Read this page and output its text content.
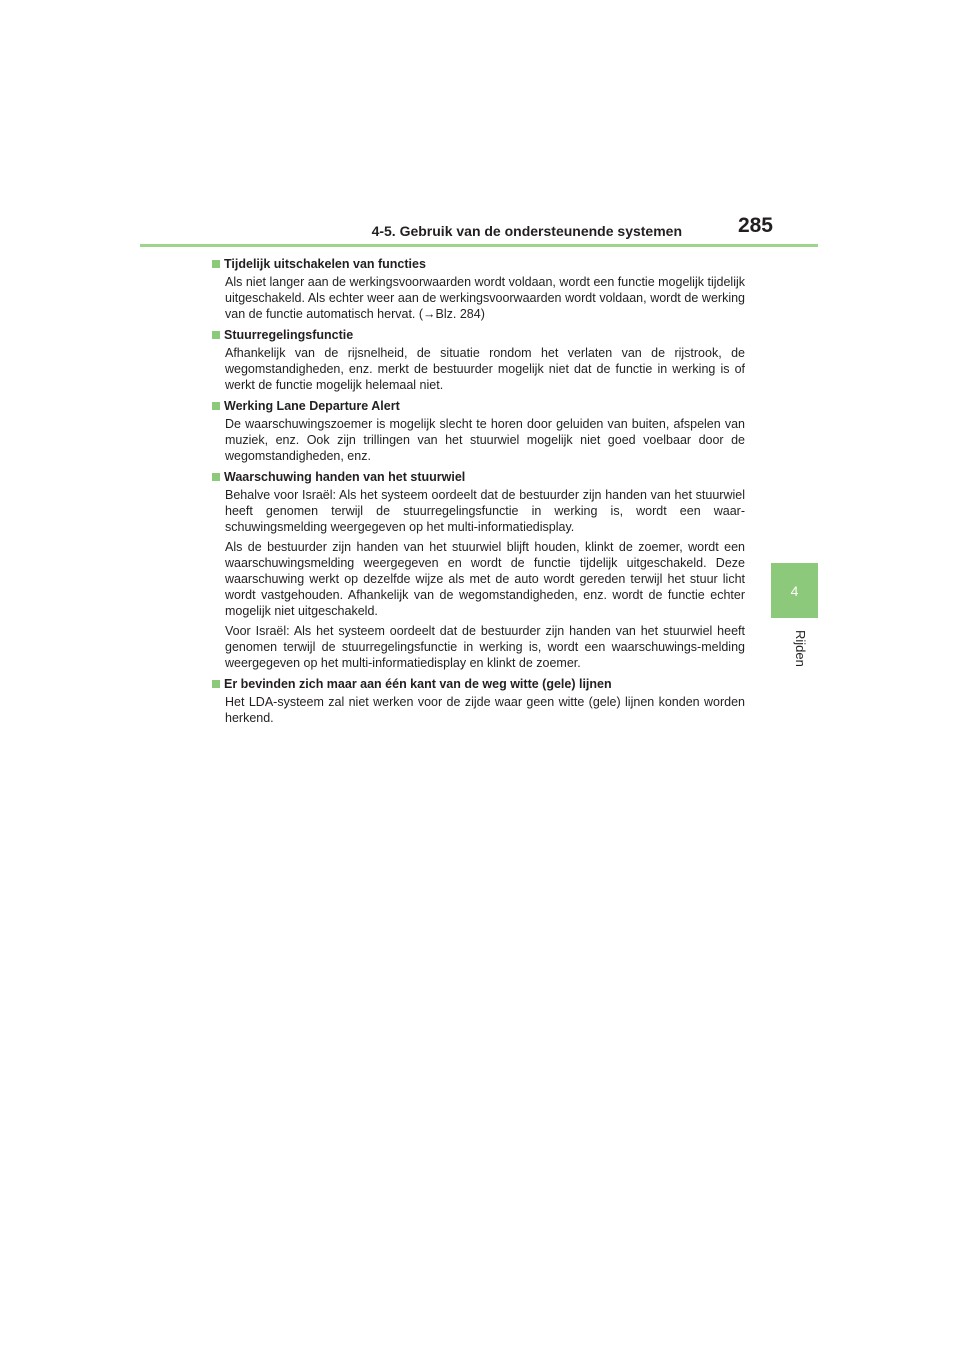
4-5. Gebruik van de ondersteunende systemen	285
4
Rijden
Tijdelijk uitschakelen van functies

Als niet langer aan de werkingsvoorwaarden wordt voldaan, wordt een functie mogelijk tijdelijk uitgeschakeld. Als echter weer aan de werkingsvoorwaarden wordt voldaan, wordt de werking van de functie automatisch hervat. (→Blz. 284)

Stuurregelingsfunctie

Afhankelijk van de rijsnelheid, de situatie rondom het verlaten van de rijstrook, de wegomstandigheden, enz. merkt de bestuurder mogelijk niet dat de functie in werking is of werkt de functie mogelijk helemaal niet.

Werking Lane Departure Alert

De waarschuwingszoemer is mogelijk slecht te horen door geluiden van buiten, afspelen van muziek, enz. Ook zijn trillingen van het stuurwiel mogelijk niet goed voelbaar door de wegomstandigheden, enz.

Waarschuwing handen van het stuurwiel

Behalve voor Israël: Als het systeem oordeelt dat de bestuurder zijn handen van het stuurwiel heeft genomen terwijl de stuurregelingsfunctie in werking is, wordt een waar-schuwingsmelding weergegeven op het multi-informatiedisplay.

Als de bestuurder zijn handen van het stuurwiel blijft houden, klinkt de zoemer, wordt een waarschuwingsmelding weergegeven en wordt de functie tijdelijk uitgeschakeld. Deze waarschuwing werkt op dezelfde wijze als met de auto wordt gereden terwijl het stuur licht wordt vastgehouden. Afhankelijk van de wegomstandigheden, enz. wordt de functie echter mogelijk niet uitgeschakeld.

Voor Israël: Als het systeem oordeelt dat de bestuurder zijn handen van het stuurwiel heeft genomen terwijl de stuurregelingsfunctie in werking is, wordt een waarschuwings-melding weergegeven op het multi-informatiedisplay en klinkt de zoemer.

Er bevinden zich maar aan één kant van de weg witte (gele) lijnen

Het LDA-systeem zal niet werken voor de zijde waar geen witte (gele) lijnen konden worden herkend.
